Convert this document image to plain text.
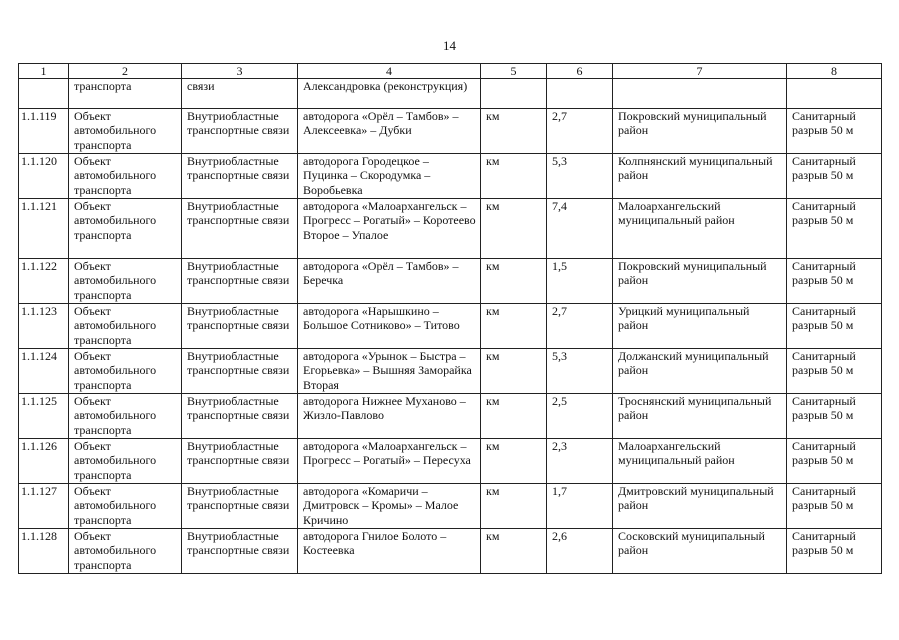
14
1	2	3	4	5	6	7	8
	транспорта	связи	Александровка (реконструкция)				
1.1.119	Объект автомобильного транспорта	Внутриобластные транспортные связи	автодорога «Орёл – Тамбов» – Алексеевка» – Дубки	км	2,7	Покровский муниципальный район	Санитарный разрыв 50 м
1.1.120	Объект автомобильного транспорта	Внутриобластные транспортные связи	автодорога Городецкое – Пуцинка – Скородумка – Воробьевка	км	5,3	Колпнянский муниципальный район	Санитарный разрыв 50 м
1.1.121	Объект автомобильного транспорта	Внутриобластные транспортные связи	автодорога «Малоархангельск – Прогресс – Рогатый» – Коротеево Второе – Упалое	км	7,4	Малоархангельский муниципальный район	Санитарный разрыв 50 м
1.1.122	Объект автомобильного транспорта	Внутриобластные транспортные связи	автодорога «Орёл – Тамбов» – Беречка	км	1,5	Покровский муниципальный район	Санитарный разрыв 50 м
1.1.123	Объект автомобильного транспорта	Внутриобластные транспортные связи	автодорога «Нарышкино – Большое Сотниково» – Титово	км	2,7	Урицкий муниципальный район	Санитарный разрыв 50 м
1.1.124	Объект автомобильного транспорта	Внутриобластные транспортные связи	автодорога «Урынок – Быстра – Егорьевка» – Вышняя Заморайка Вторая	км	5,3	Должанский муниципальный район	Санитарный разрыв 50 м
1.1.125	Объект автомобильного транспорта	Внутриобластные транспортные связи	автодорога Нижнее Муханово – Жизло-Павлово	км	2,5	Троснянский муниципальный район	Санитарный разрыв 50 м
1.1.126	Объект автомобильного транспорта	Внутриобластные транспортные связи	автодорога «Малоархангельск – Прогресс – Рогатый» – Пересуха	км	2,3	Малоархангельский муниципальный район	Санитарный разрыв 50 м
1.1.127	Объект автомобильного транспорта	Внутриобластные транспортные связи	автодорога «Комаричи – Дмитровск – Кромы» – Малое Кричино	км	1,7	Дмитровский муниципальный район	Санитарный разрыв 50 м
1.1.128	Объект автомобильного транспорта	Внутриобластные транспортные связи	автодорога Гнилое Болото – Костеевка	км	2,6	Сосковский муниципальный район	Санитарный разрыв 50 м
